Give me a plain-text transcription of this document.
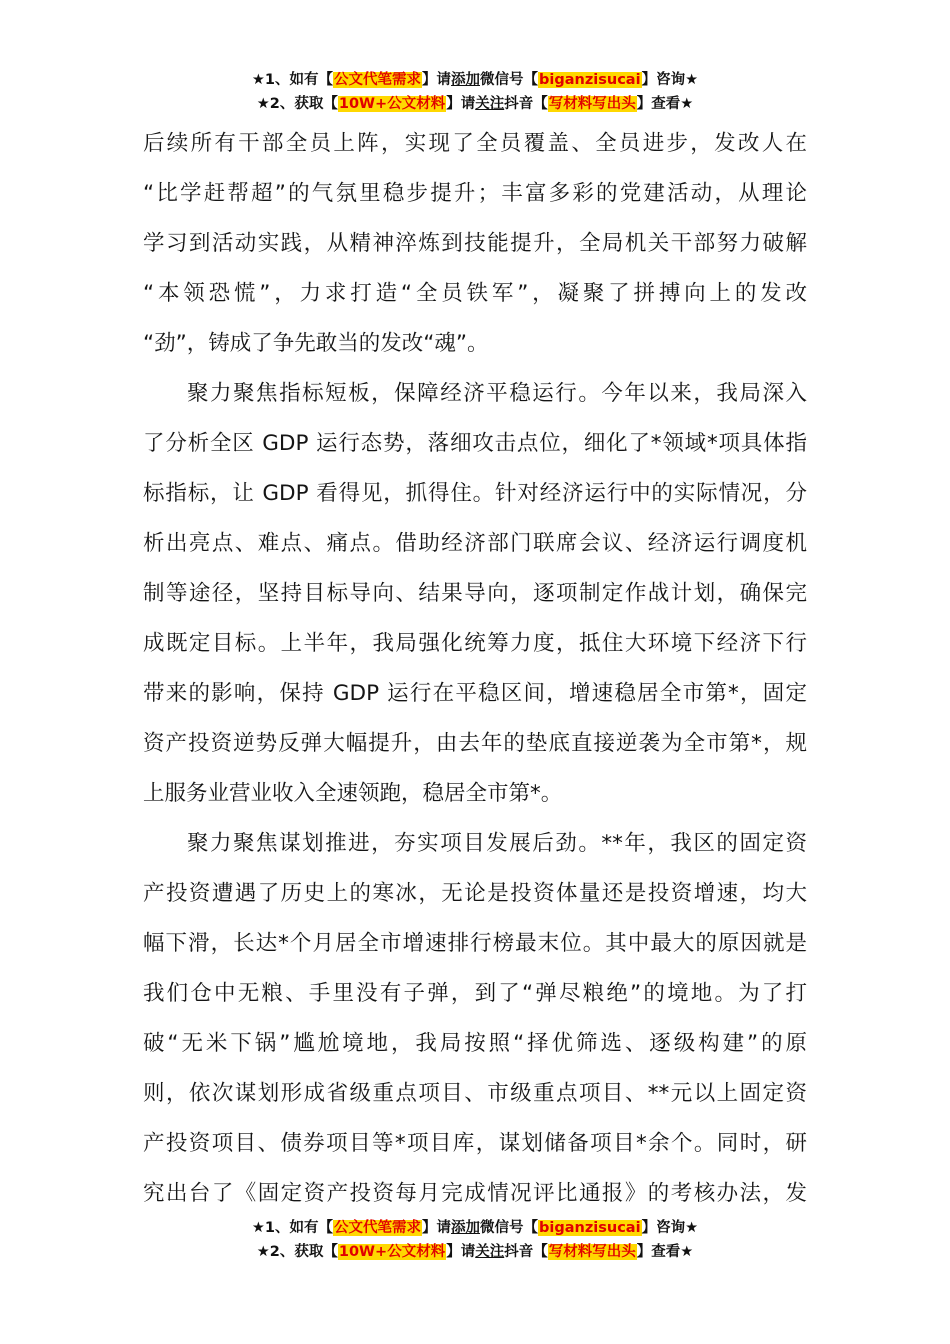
★1、如有【公文代笔需求】请添加微信号【biganzisucai】咨询★
★2、获取【10W+公文材料】请关注抖音【写材料写出头】查看★
后续所有干部全员上阵，实现了全员覆盖、全员进步，发改人在
“比学赶帮超”的气氛里稳步提升；丰富多彩的党建活动，从理论
学习到活动实践，从精神淬炼到技能提升，全局机关干部努力破解
“本领恐慌”，力求打造“全员铁军”，凝聚了拼搏向上的发改
“劲”，铸成了争先敢当的发改“魂”。
聚力聚焦指标短板，保障经济平稳运行。今年以来，我局深入
了分析全区 GDP 运行态势，落细攻击点位，细化了*领域*项具体指
标指标，让 GDP 看得见，抓得住。针对经济运行中的实际情况，分
析出亮点、难点、痛点。借助经济部门联席会议、经济运行调度机
制等途径，坚持目标导向、结果导向，逐项制定作战计划，确保完
成既定目标。上半年，我局强化统筹力度，抵住大环境下经济下行
带来的影响，保持 GDP 运行在平稳区间，增速稳居全市第*，固定
资产投资逆势反弹大幅提升，由去年的垫底直接逆袭为全市第*，规
上服务业营业收入全速领跑，稳居全市第*。
聚力聚焦谋划推进，夯实项目发展后劲。**年，我区的固定资
产投资遭遇了历史上的寒冰，无论是投资体量还是投资增速，均大
幅下滑，长达*个月居全市增速排行榜最末位。其中最大的原因就是
我们仓中无粮、手里没有子弹，到了“弹尽粮绝”的境地。为了打
破“无米下锅”尴尬境地，我局按照“择优筛选、逐级构建”的原
则，依次谋划形成省级重点项目、市级重点项目、**元以上固定资
产投资项目、债券项目等*项目库，谋划储备项目*余个。同时，研
究出台了《固定资产投资每月完成情况评比通报》的考核办法，发
★1、如有【公文代笔需求】请添加微信号【biganzisucai】咨询★
★2、获取【10W+公文材料】请关注抖音【写材料写出头】查看★
